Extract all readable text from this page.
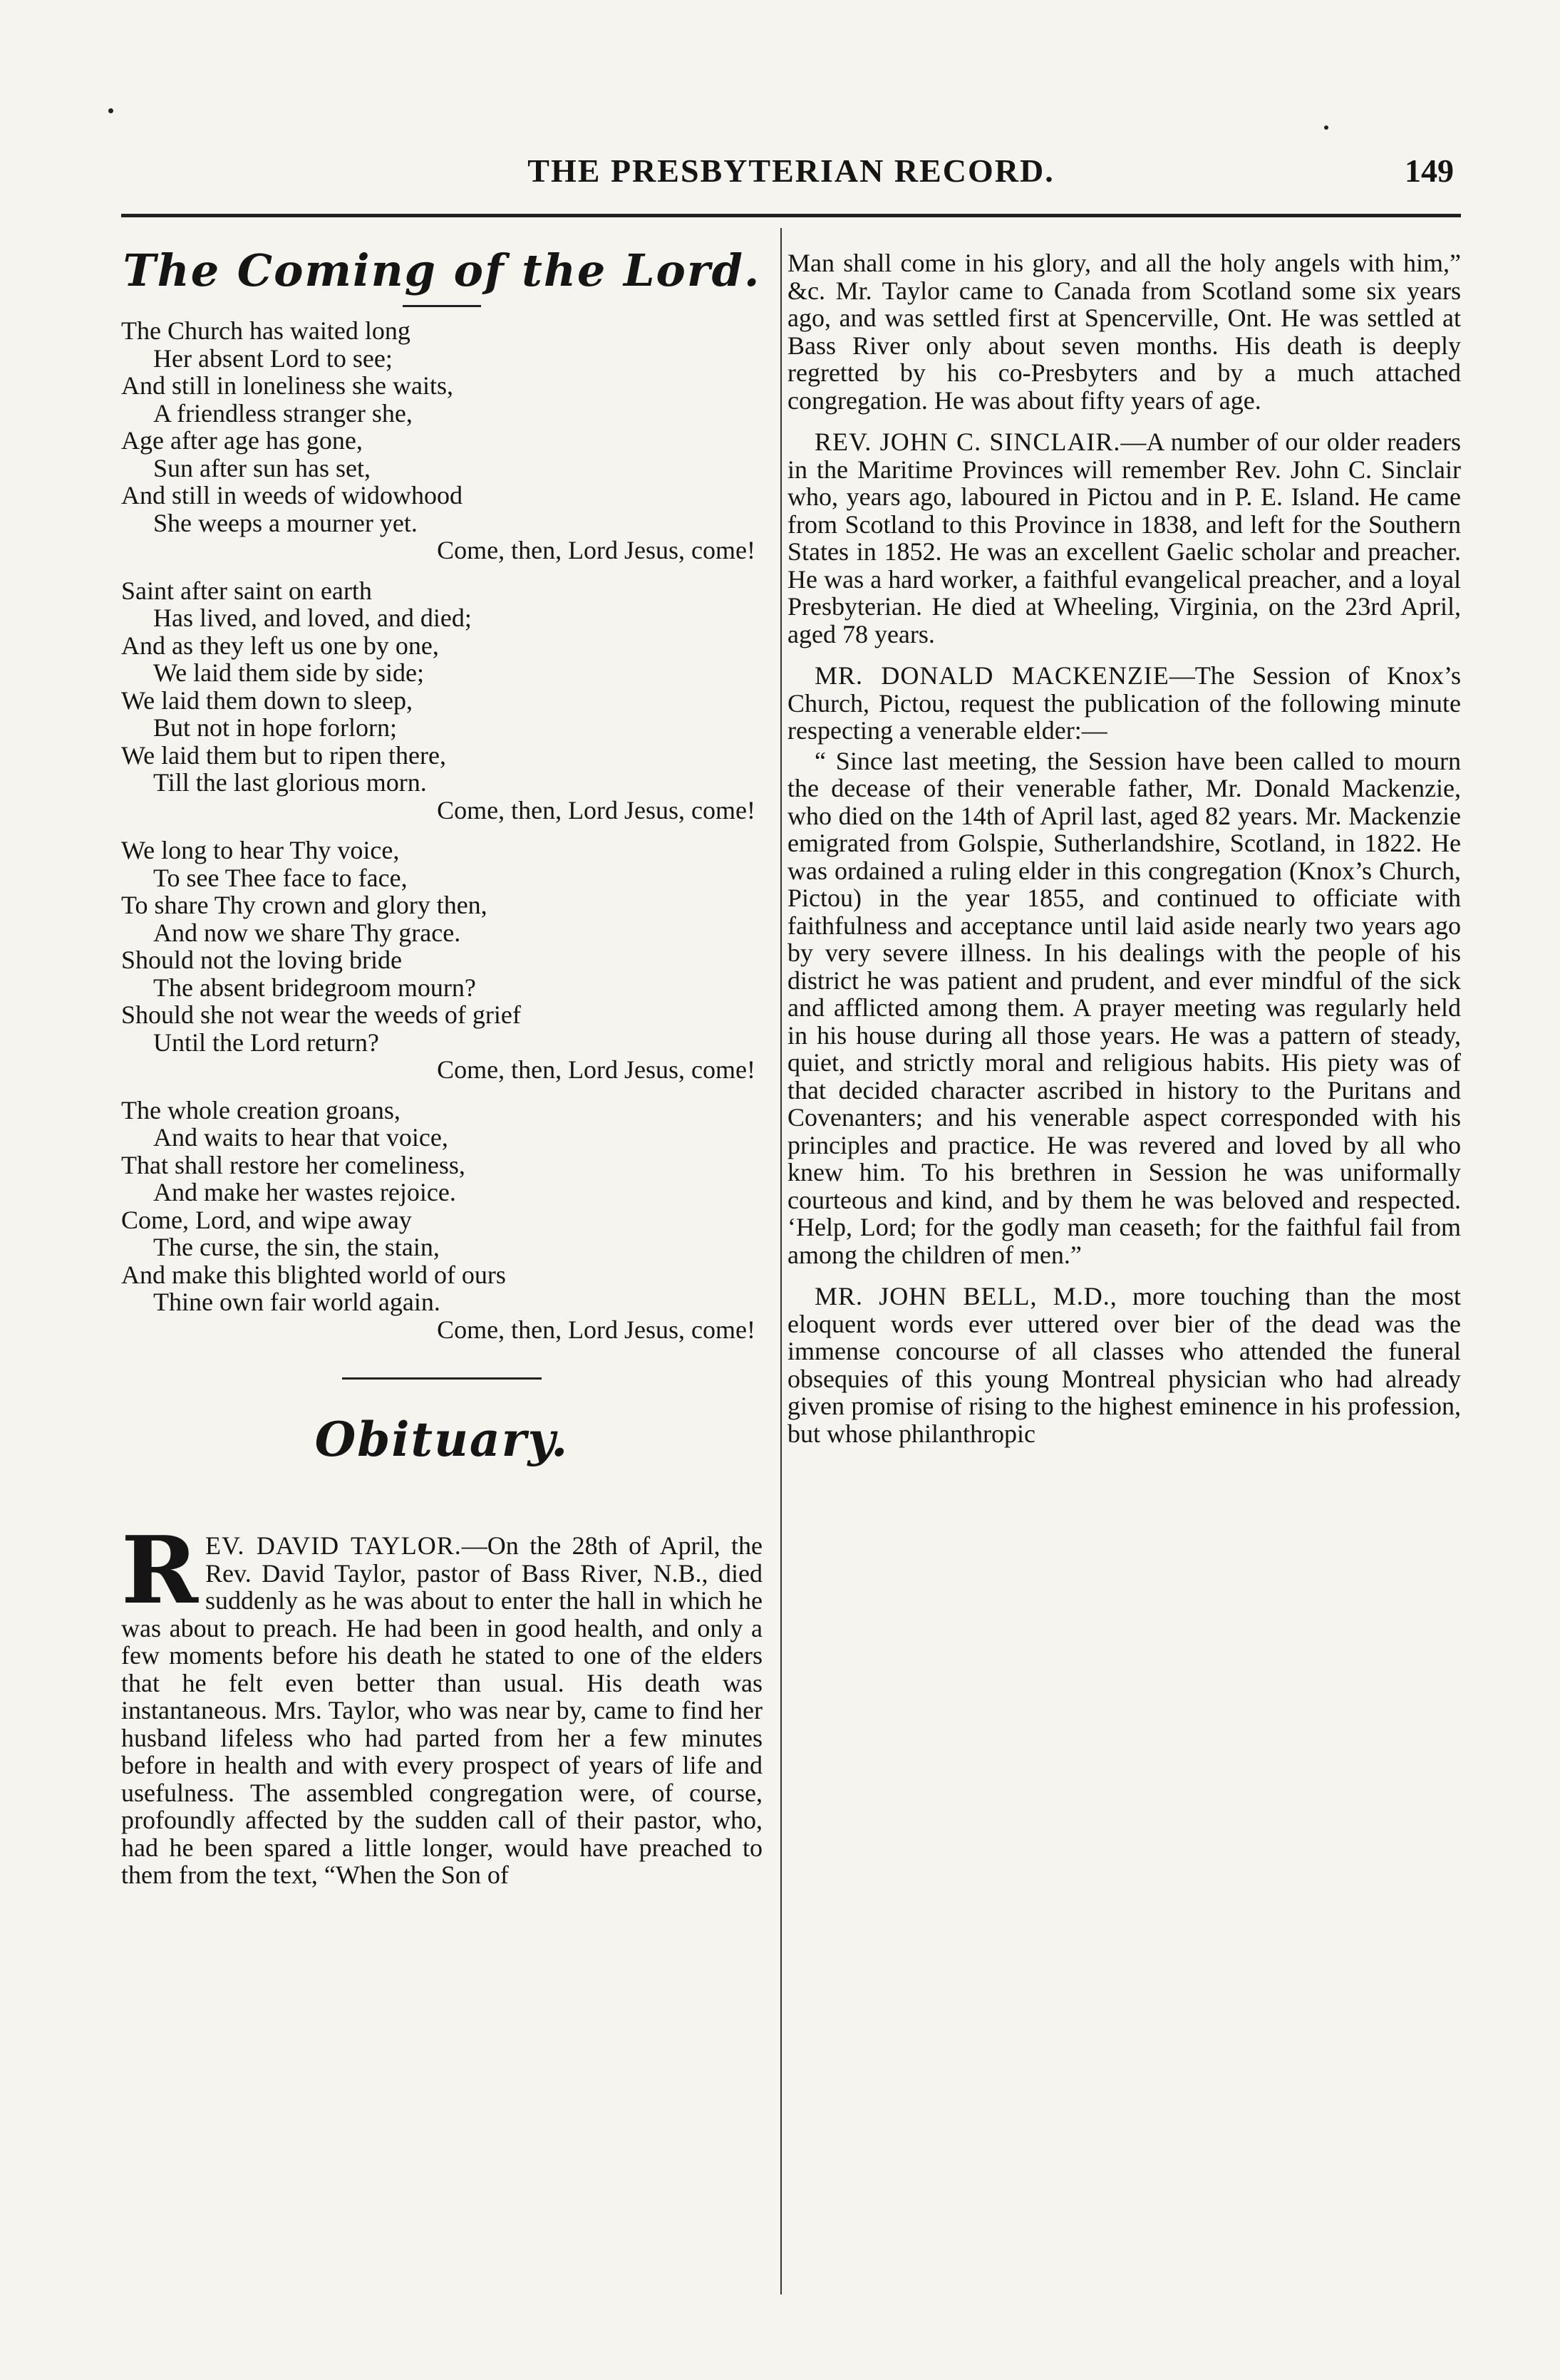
THE PRESBYTERIAN RECORD.	149
The Coming of the Lord.
The Church has waited long
Her absent Lord to see;
And still in loneliness she waits,
A friendless stranger she,
Age after age has gone,
Sun after sun has set,
And still in weeds of widowhood
She weeps a mourner yet.
Come, then, Lord Jesus, come!
Saint after saint on earth
Has lived, and loved, and died;
And as they left us one by one,
We laid them side by side;
We laid them down to sleep,
But not in hope forlorn;
We laid them but to ripen there,
Till the last glorious morn.
Come, then, Lord Jesus, come!
We long to hear Thy voice,
To see Thee face to face,
To share Thy crown and glory then,
And now we share Thy grace.
Should not the loving bride
The absent bridegroom mourn?
Should she not wear the weeds of grief
Until the Lord return?
Come, then, Lord Jesus, come!
The whole creation groans,
And waits to hear that voice,
That shall restore her comeliness,
And make her wastes rejoice.
Come, Lord, and wipe away
The curse, the sin, the stain,
And make this blighted world of ours
Thine own fair world again.
Come, then, Lord Jesus, come!
Obituary.

REV. DAVID TAYLOR.—On the 28th of April, the Rev. David Taylor, pastor of Bass River, N.B., died suddenly as he was about to enter the hall in which he was about to preach. He had been in good health, and only a few moments before his death he stated to one of the elders that he felt even better than usual. His death was instantaneous. Mrs. Taylor, who was near by, came to find her husband lifeless who had parted from her a few minutes before in health and with every prospect of years of life and usefulness. The assembled congregation were, of course, profoundly affected by the sudden call of their pastor, who, had he been spared a little longer, would have preached to them from the text, “When the Son of

Man shall come in his glory, and all the holy angels with him,” &c. Mr. Taylor came to Canada from Scotland some six years ago, and was settled first at Spencerville, Ont. He was settled at Bass River only about seven months. His death is deeply regretted by his co-Presbyters and by a much attached congregation. He was about fifty years of age.

REV. JOHN C. SINCLAIR.—A number of our older readers in the Maritime Provinces will remember Rev. John C. Sinclair who, years ago, laboured in Pictou and in P. E. Island. He came from Scotland to this Province in 1838, and left for the Southern States in 1852. He was an excellent Gaelic scholar and preacher. He was a hard worker, a faithful evangelical preacher, and a loyal Presbyterian. He died at Wheeling, Virginia, on the 23rd April, aged 78 years.

MR. DONALD MACKENZIE—The Session of Knox’s Church, Pictou, request the publication of the following minute respecting a venerable elder:—

“ Since last meeting, the Session have been called to mourn the decease of their venerable father, Mr. Donald Mackenzie, who died on the 14th of April last, aged 82 years. Mr. Mackenzie emigrated from Golspie, Sutherlandshire, Scotland, in 1822. He was ordained a ruling elder in this congregation (Knox’s Church, Pictou) in the year 1855, and continued to officiate with faithfulness and acceptance until laid aside nearly two years ago by very severe illness. In his dealings with the people of his district he was patient and prudent, and ever mindful of the sick and afflicted among them. A prayer meeting was regularly held in his house during all those years. He was a pattern of steady, quiet, and strictly moral and religious habits. His piety was of that decided character ascribed in history to the Puritans and Covenanters; and his venerable aspect corresponded with his principles and practice. He was revered and loved by all who knew him. To his brethren in Session he was uniformally courteous and kind, and by them he was beloved and respected. ‘Help, Lord; for the godly man ceaseth; for the faithful fail from among the children of men.”

MR. JOHN BELL, M.D., more touching than the most eloquent words ever uttered over bier of the dead was the immense concourse of all classes who attended the funeral obsequies of this young Montreal physician who had already given promise of rising to the highest eminence in his profession, but whose philanthropic
